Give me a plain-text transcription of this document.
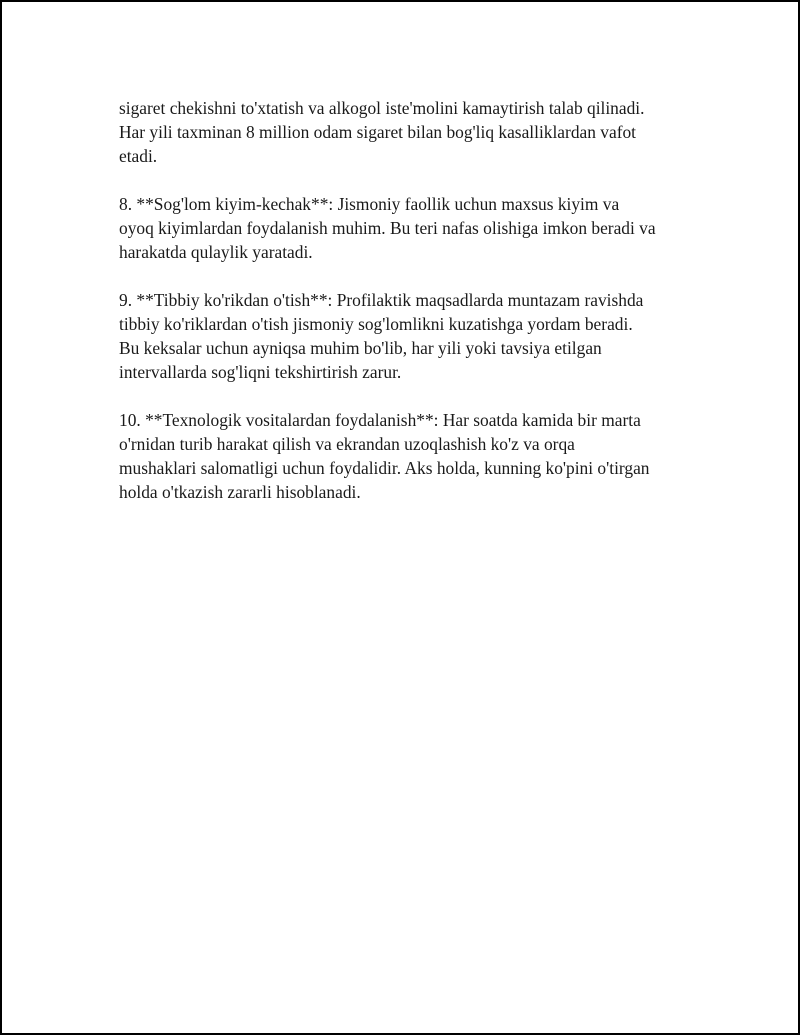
sigaret chekishni to'xtatish va alkogol iste'molini kamaytirish talab qilinadi.
Har yili taxminan 8 million odam sigaret bilan bog'liq kasalliklardan vafot
etadi.

8. **Sog'lom kiyim-kechak**: Jismoniy faollik uchun maxsus kiyim va
oyoq kiyimlardan foydalanish muhim. Bu teri nafas olishiga imkon beradi va
harakatda qulaylik yaratadi.

9. **Tibbiy ko'rikdan o'tish**: Profilaktik maqsadlarda muntazam ravishda
tibbiy ko'riklardan o'tish jismoniy sog'lomlikni kuzatishga yordam beradi.
Bu keksalar uchun ayniqsa muhim bo'lib, har yili yoki tavsiya etilgan
intervallarda sog'liqni tekshirtirish zarur.

10. **Texnologik vositalardan foydalanish**: Har soatda kamida bir marta
o'rnidan turib harakat qilish va ekrandan uzoqlashish ko'z va orqa
mushaklari salomatligi uchun foydalidir. Aks holda, kunning ko'pini o'tirgan
holda o'tkazish zararli hisoblanadi.
